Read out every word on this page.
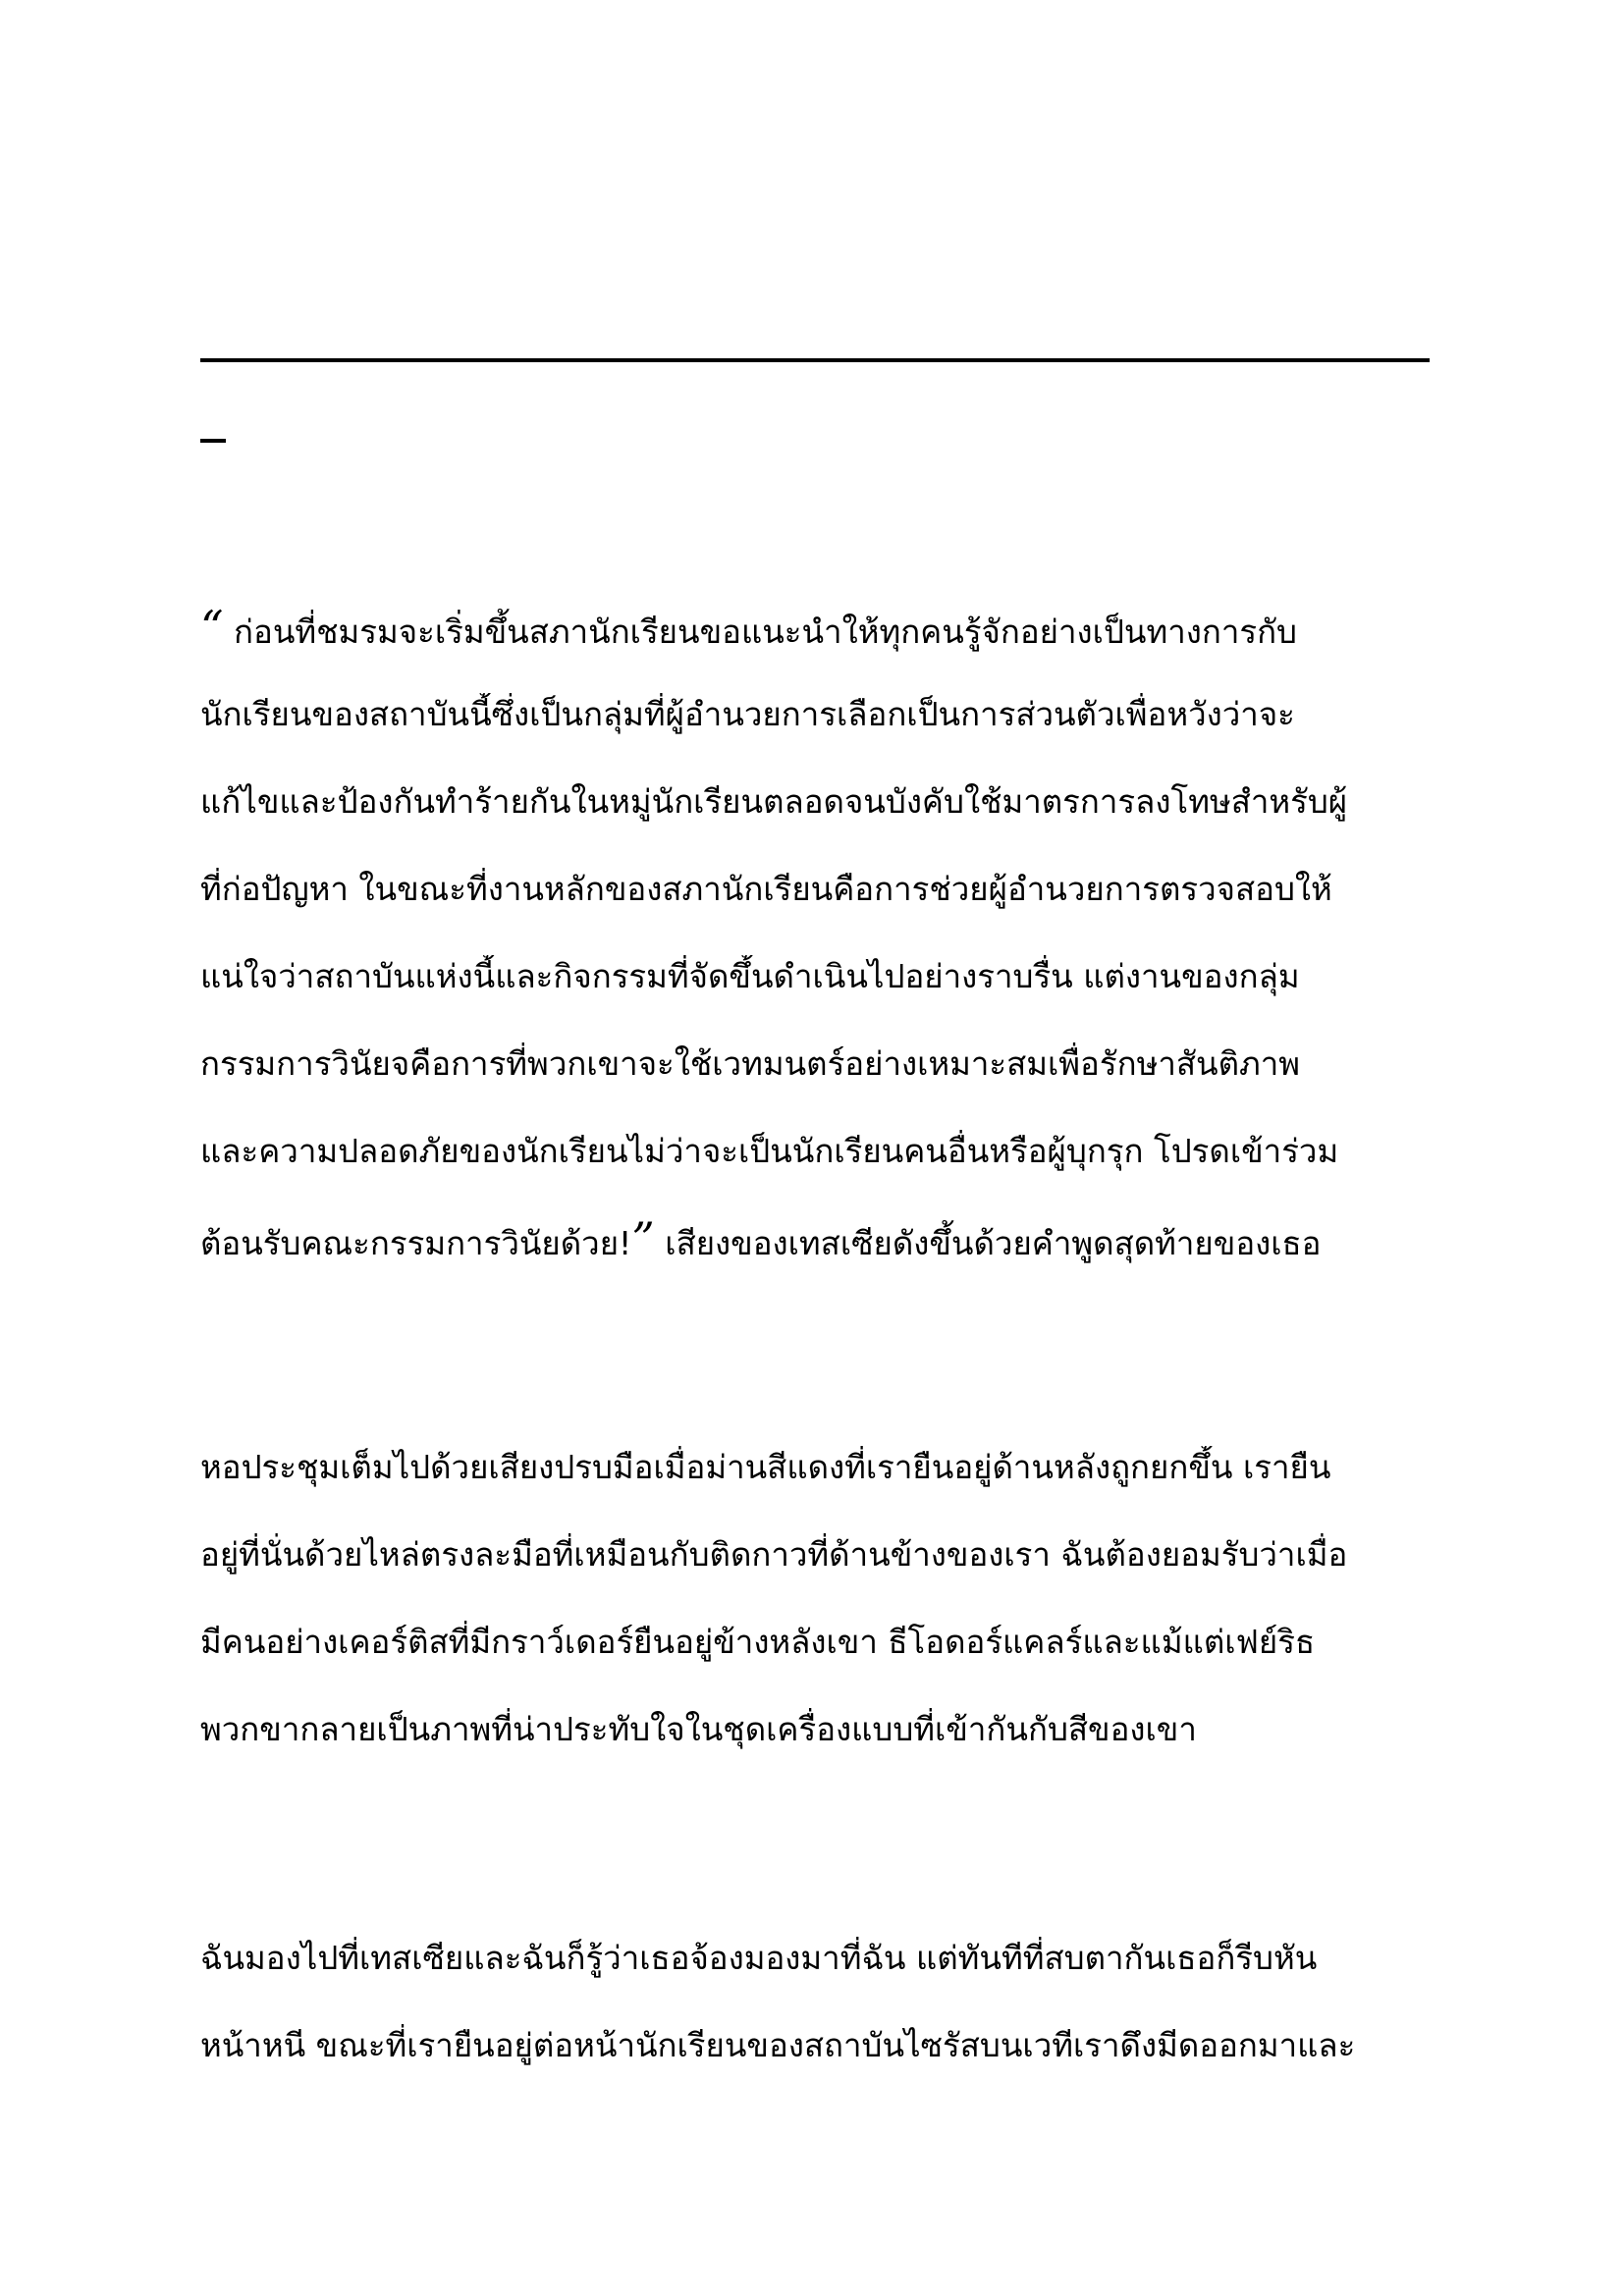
“ ก่อนที่ชมรมจะเริ่มขึ้นสภานักเรียนขอแนะนำให้ทุกคนรู้จักอย่างเป็นทางการกับ
นักเรียนของสถาบันนี้ซึ่งเป็นกลุ่มที่ผู้อำนวยการเลือกเป็นการส่วนตัวเพื่อหวังว่าจะ
แก้ไขและป้องกันทำร้ายกันในหมู่นักเรียนตลอดจนบังคับใช้มาตรการลงโทษสำหรับผู้
ที่ก่อปัญหา ในขณะที่งานหลักของสภานักเรียนคือการช่วยผู้อำนวยการตรวจสอบให้
แน่ใจว่าสถาบันแห่งนี้และกิจกรรมที่จัดขึ้นดำเนินไปอย่างราบรื่น แต่งานของกลุ่ม
กรรมการวินัยจคือการที่พวกเขาจะใช้เวทมนตร์อย่างเหมาะสมเพื่อรักษาสันติภาพ
และความปลอดภัยของนักเรียนไม่ว่าจะเป็นนักเรียนคนอื่นหรือผู้บุกรุก โปรดเข้าร่วม
ต้อนรับคณะกรรมการวินัยด้วย!” เสียงของเทสเซียดังขึ้นด้วยคำพูดสุดท้ายของเธอ
หอประชุมเต็มไปด้วยเสียงปรบมือเมื่อม่านสีแดงที่เรายืนอยู่ด้านหลังถูกยกขึ้น เรายืน
อยู่ที่นั่นด้วยไหล่ตรงละมือที่เหมือนกับติดกาวที่ด้านข้างของเรา ฉันต้องยอมรับว่าเมื่อ
มีคนอย่างเคอร์ติสที่มีกราว์เดอร์ยืนอยู่ข้างหลังเขา ธีโอดอร์แคลร์และแม้แต่เฟย์ริธ
พวกขากลายเป็นภาพที่น่าประทับใจในชุดเครื่องแบบที่เข้ากันกับสีของเขา
ฉันมองไปที่เทสเซียและฉันก็รู้ว่าเธอจ้องมองมาที่ฉัน แต่ทันทีที่สบตากันเธอก็รีบหัน
หน้าหนี ขณะที่เรายืนอยู่ต่อหน้านักเรียนของสถาบันไซรัสบนเวทีเราดึงมีดออกมาและ
